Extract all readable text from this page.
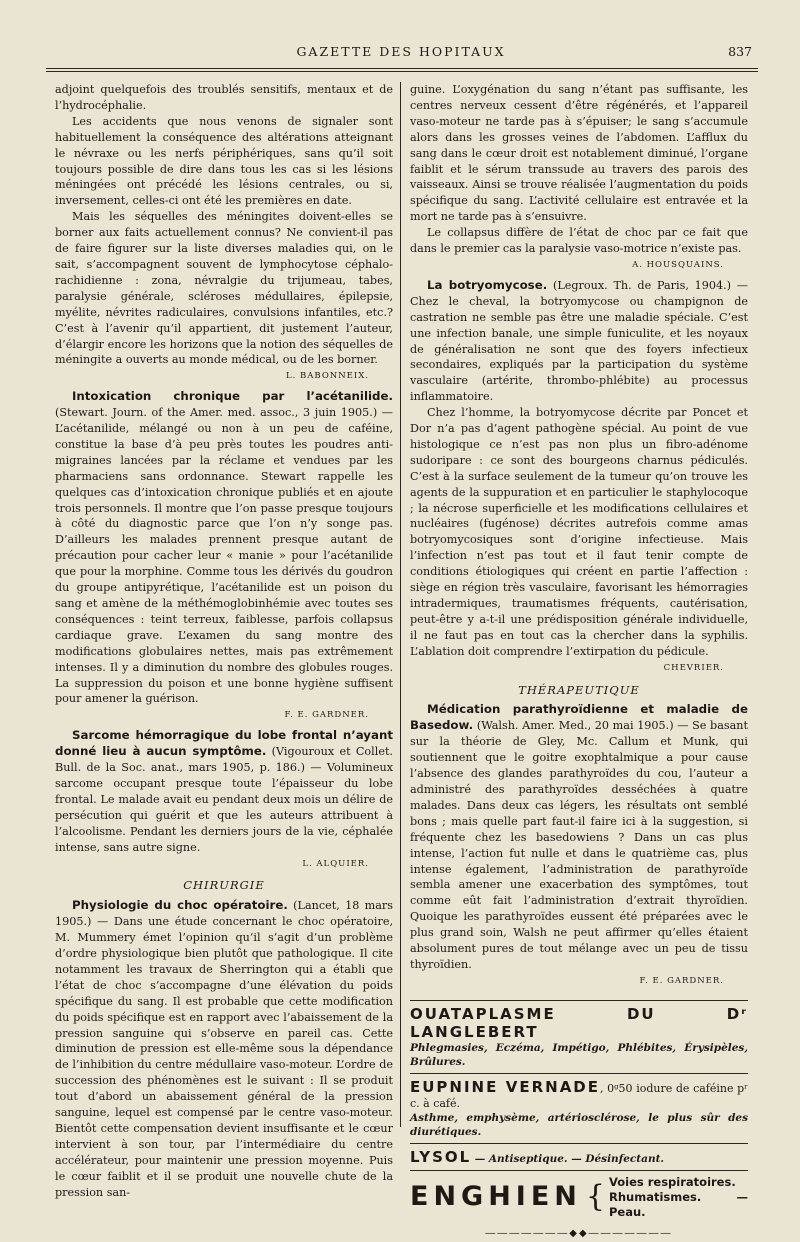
GAZETTE DES HOPITAUX	837

adjoint quelquefois des troublés sensitifs, mentaux et de l’hydrocéphalie.

Les accidents que nous venons de signaler sont habituellement la conséquence des altérations atteignant le névraxe ou les nerfs périphériques, sans qu’il soit toujours possible de dire dans tous les cas si les lésions méningées ont précédé les lésions centrales, ou si, inversement, celles-ci ont été les premières en date.

Mais les séquelles des méningites doivent-elles se borner aux faits actuellement connus? Ne convient-il pas de faire figurer sur la liste diverses maladies qui, on le sait, s’accompagnent souvent de lymphocytose céphalo-rachidienne : zona, névralgie du trijumeau, tabes, paralysie générale, scléroses médullaires, épilepsie, myélite, névrites radiculaires, convulsions infantiles, etc.? C’est à l’avenir qu’il appartient, dit justement l’auteur, d’élargir encore les horizons que la notion des séquelles de méningite a ouverts au monde médical, ou de les borner.

L. BABONNEIX.

Intoxication chronique par l’acétanilide. (Stewart. Journ. of the Amer. med. assoc., 3 juin 1905.) — L’acétanilide, mélangé ou non à un peu de caféine, constitue la base d’à peu près toutes les poudres anti-migraines lancées par la réclame et vendues par les pharmaciens sans ordonnance. Stewart rappelle les quelques cas d’intoxication chronique publiés et en ajoute trois personnels. Il montre que l’on passe presque toujours à côté du diagnostic parce que l’on n’y songe pas. D’ailleurs les malades prennent presque autant de précaution pour cacher leur « manie » pour l’acétanilide que pour la morphine. Comme tous les dérivés du goudron du groupe antipyrétique, l’acétanilide est un poison du sang et amène de la méthémoglobinhémie avec toutes ses conséquences : teint terreux, faiblesse, parfois collapsus cardiaque grave. L’examen du sang montre des modifications globulaires nettes, mais pas extrêmement intenses. Il y a diminution du nombre des globules rouges. La suppression du poison et une bonne hygiène suffisent pour amener la guérison.

F. E. GARDNER.

Sarcome hémorragique du lobe frontal n’ayant donné lieu à aucun symptôme. (Vigouroux et Collet. Bull. de la Soc. anat., mars 1905, p. 186.) — Volumineux sarcome occupant presque toute l’épaisseur du lobe frontal. Le malade avait eu pendant deux mois un délire de persécution qui guérit et que les auteurs attribuent à l’alcoolisme. Pendant les derniers jours de la vie, céphalée intense, sans autre signe.

L. ALQUIER.
CHIRURGIE

Physiologie du choc opératoire. (Lancet, 18 mars 1905.) — Dans une étude concernant le choc opératoire, M. Mummery émet l’opinion qu’il s’agit d’un problème d’ordre physiologique bien plutôt que pathologique. Il cite notamment les travaux de Sherrington qui a établi que l’état de choc s’accompagne d’une élévation du poids spécifique du sang. Il est probable que cette modification du poids spécifique est en rapport avec l’abaissement de la pression sanguine qui s’observe en pareil cas. Cette diminution de pression est elle-même sous la dépendance de l’inhibition du centre médullaire vaso-moteur. L’ordre de succession des phénomènes est le suivant : Il se produit tout d’abord un abaissement général de la pression sanguine, lequel est compensé par le centre vaso-moteur. Bientôt cette compensation devient insuffisante et le cœur intervient à son tour, par l’intermédiaire du centre accélérateur, pour maintenir une pression moyenne. Puis le cœur faiblit et il se produit une nouvelle chute de la pression san-

guine. L’oxygénation du sang n’étant pas suffisante, les centres nerveux cessent d’être régénérés, et l’appareil vaso-moteur ne tarde pas à s’épuiser; le sang s’accumule alors dans les grosses veines de l’abdomen. L’afflux du sang dans le cœur droit est notablement diminué, l’organe faiblit et le sérum transsude au travers des parois des vaisseaux. Ainsi se trouve réalisée l’augmentation du poids spécifique du sang. L’activité cellulaire est entravée et la mort ne tarde pas à s’ensuivre.

Le collapsus diffère de l’état de choc par ce fait que dans le premier cas la paralysie vaso-motrice n’existe pas.

A. HOUSQUAINS.

La botryomycose. (Legroux. Th. de Paris, 1904.) — Chez le cheval, la botryomycose ou champignon de castration ne semble pas être une maladie spéciale. C’est une infection banale, une simple funiculite, et les noyaux de généralisation ne sont que des foyers infectieux secondaires, expliqués par la participation du système vasculaire (artérite, thrombo-phlébite) au processus inflammatoire.

Chez l’homme, la botryomycose décrite par Poncet et Dor n’a pas d’agent pathogène spécial. Au point de vue histologique ce n’est pas non plus un fibro-adénome sudoripare : ce sont des bourgeons charnus pédiculés. C’est à la surface seulement de la tumeur qu’on trouve les agents de la suppuration et en particulier le staphylocoque ; la nécrose superficielle et les modifications cellulaires et nucléaires (fugénose) décrites autrefois comme amas botryomycosiques sont d’origine infectieuse. Mais l’infection n’est pas tout et il faut tenir compte de conditions étiologiques qui créent en partie l’affection : siège en région très vasculaire, favorisant les hémorragies intradermiques, traumatismes fréquents, cautérisation, peut-être y a-t-il une prédisposition générale individuelle, il ne faut pas en tout cas la chercher dans la syphilis. L’ablation doit comprendre l’extirpation du pédicule.

CHEVRIER.
THÉRAPEUTIQUE

Médication parathyroïdienne et maladie de Basedow. (Walsh. Amer. Med., 20 mai 1905.) — Se basant sur la théorie de Gley, Mc. Callum et Munk, qui soutiennent que le goitre exophtalmique a pour cause l’absence des glandes parathyroïdes du cou, l’auteur a administré des parathyroïdes desséchées à quatre malades. Dans deux cas légers, les résultats ont semblé bons ; mais quelle part faut-il faire ici à la suggestion, si fréquente chez les basedowiens ? Dans un cas plus intense, l’action fut nulle et dans le quatrième cas, plus intense également, l’administration de parathyroïde sembla amener une exacerbation des symptômes, tout comme eût fait l’administration d’extrait thyroïdien. Quoique les parathyroïdes eussent été préparées avec le plus grand soin, Walsh ne peut affirmer qu’elles étaient absolument pures de tout mélange avec un peu de tissu thyroïdien.

F. E. GARDNER.
OUATAPLASME DU Dʳ LANGLEBERT
Phlegmasies, Eczéma, Impétigo, Phlébites, Érysipèles, Brûlures.
EUPNINE VERNADE, 0ᵍ50 iodure de caféine pʳ c. à café.
Asthme, emphysème, artériosclérose, le plus sûr des diurétiques.
LYSOL — Antiseptique. — Désinfectant.
ENGHIEN { Voies respiratoires.
Rhumatismes. — Peau.
―――――――◆◆―――――――
